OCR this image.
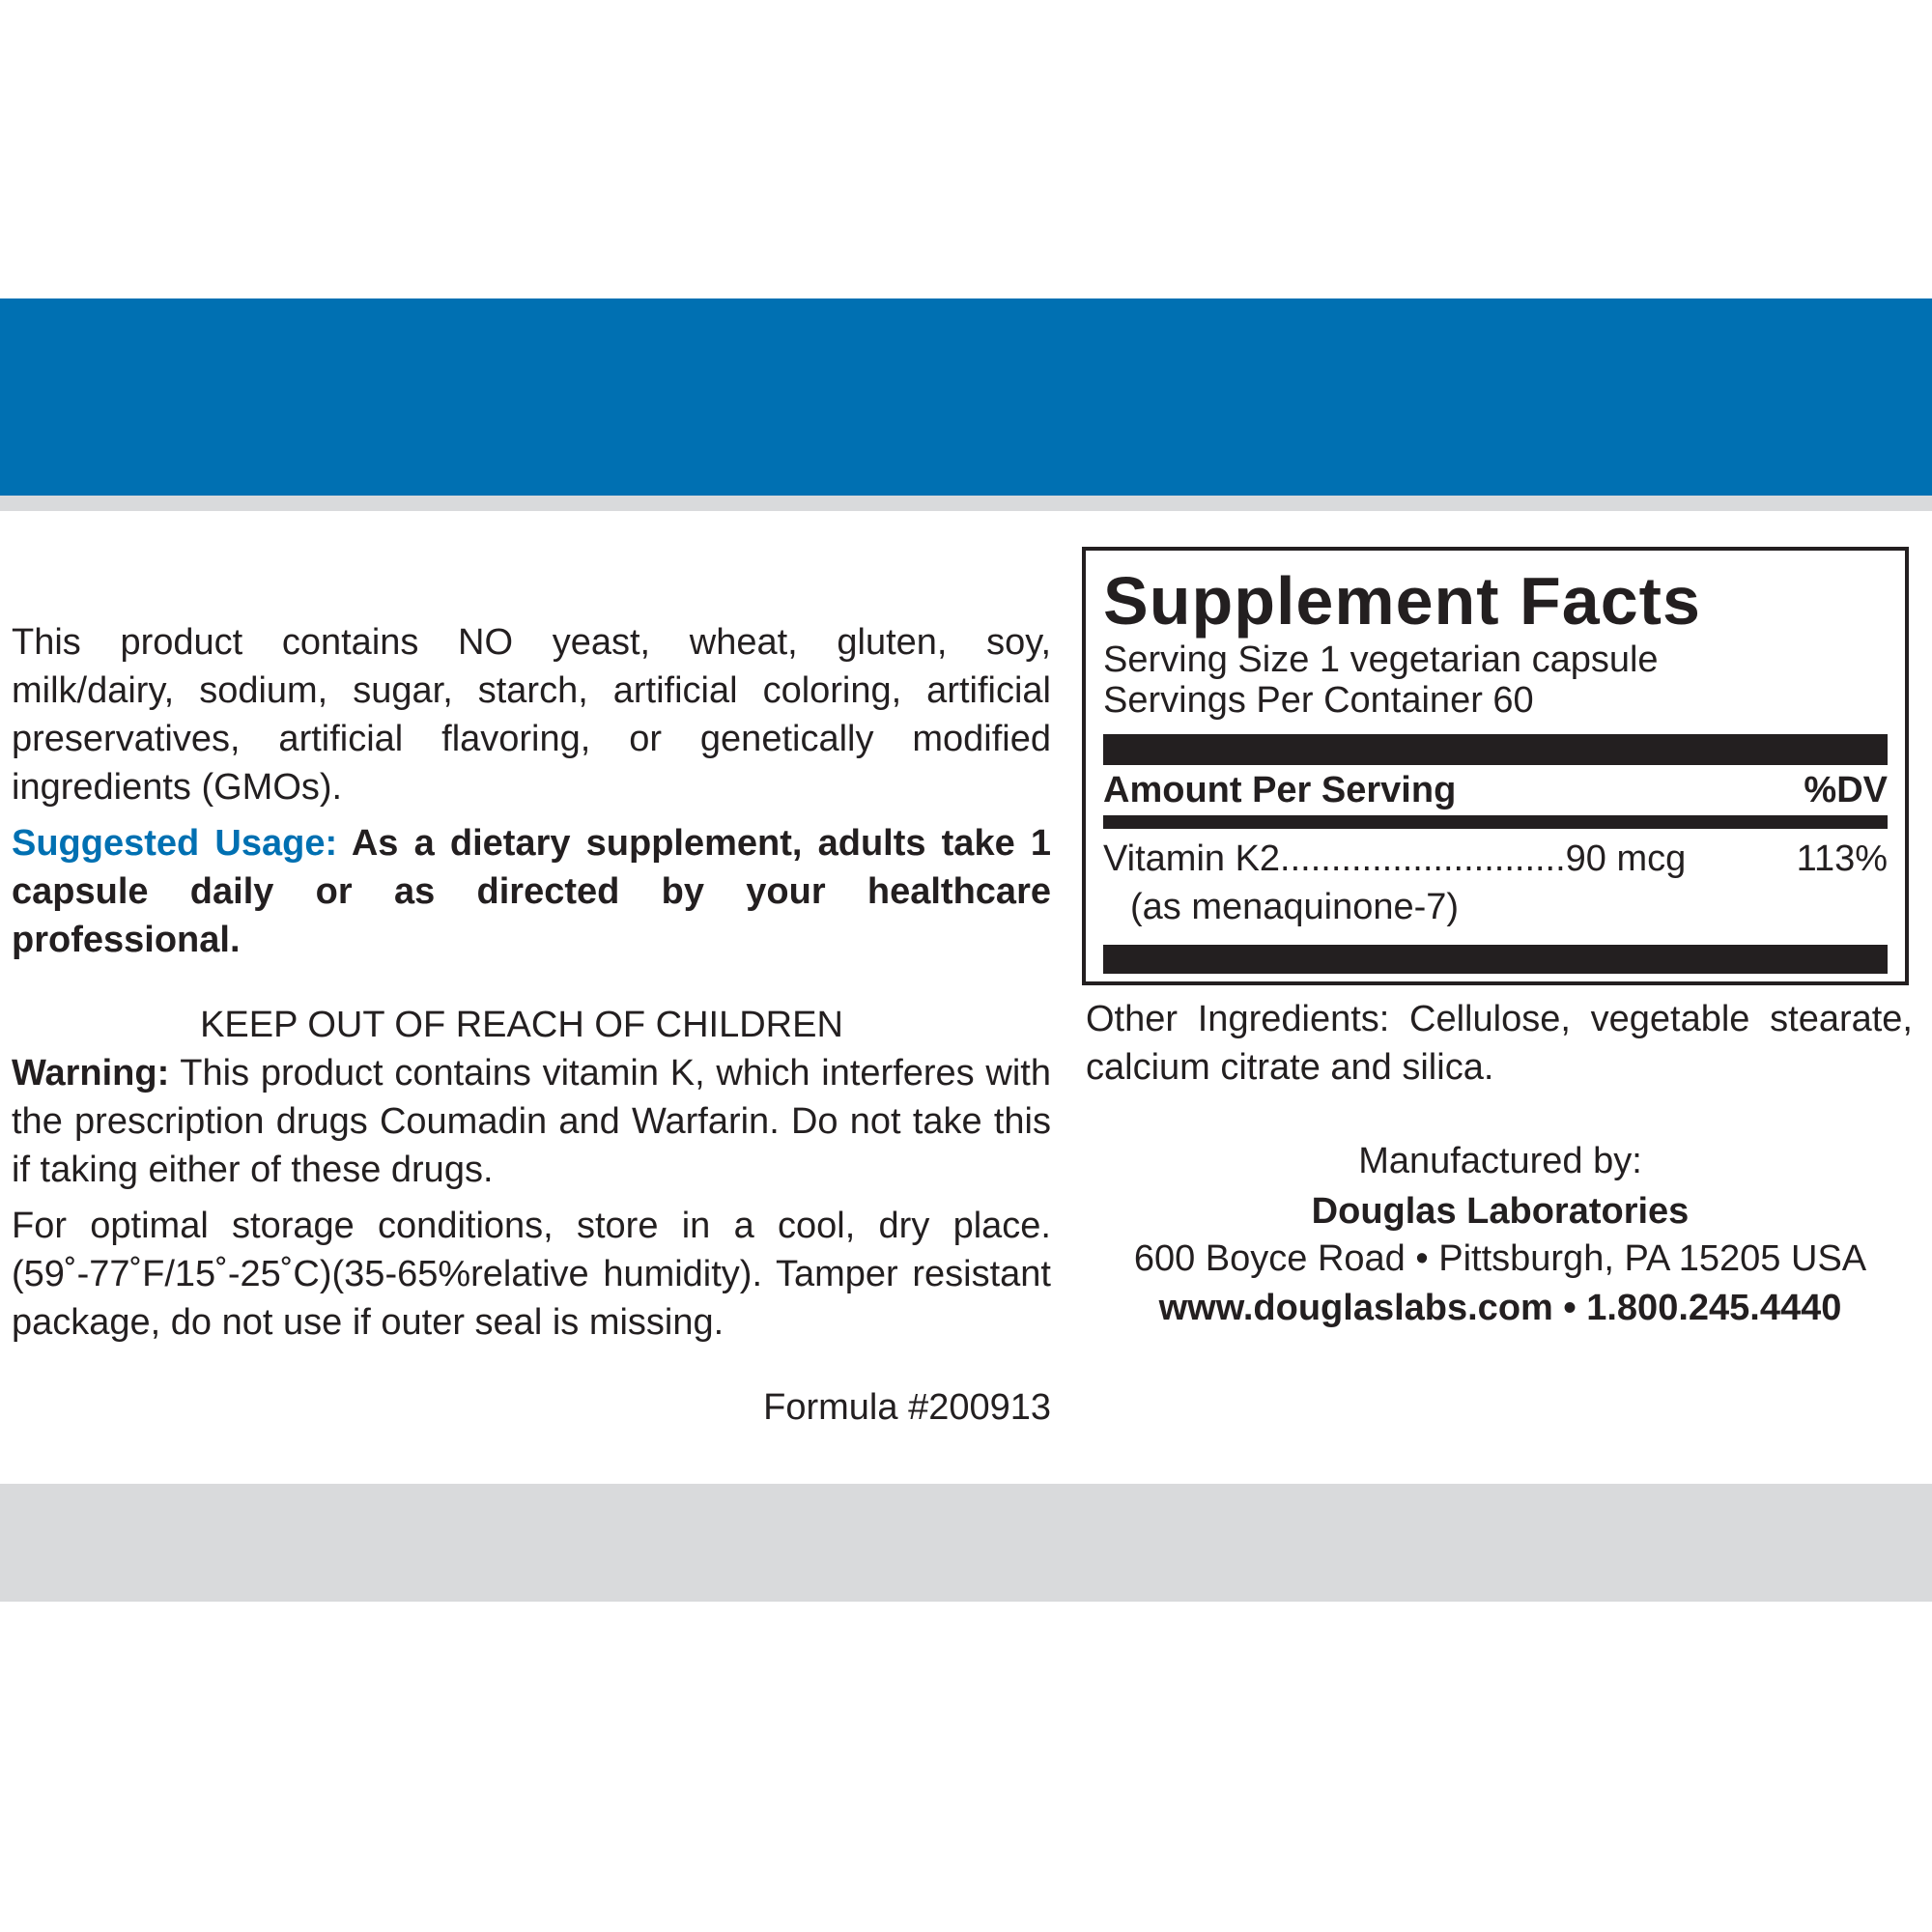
This product contains NO yeast, wheat, gluten, soy,

milk/dairy, sodium, sugar, starch, artificial coloring, artificial

preservatives, artificial flavoring, or genetically modified

ingredients (GMOs).

Suggested Usage: As a dietary supplement, adults take 1 capsule daily or as directed by your healthcare professional.

KEEP OUT OF REACH OF CHILDREN

Warning: This product contains vitamin K, which interferes with the prescription drugs Coumadin and Warfarin. Do not take this if taking either of these drugs.

For optimal storage conditions, store in a cool, dry place. (59˚-77˚F/15˚-25˚C)(35-65%relative humidity). Tamper resistant package, do not use if outer seal is missing.

Formula #200913
Supplement Facts
Serving Size 1 vegetarian capsule
Servings Per Container 60
Amount Per Serving	%DV
Vitamin K2............................90 mcg	113%
(as menaquinone-7)
Other Ingredients: Cellulose, vegetable stearate, calcium citrate and silica.
Manufactured by:
Douglas Laboratories
600 Boyce Road • Pittsburgh, PA 15205 USA
www.douglaslabs.com • 1.800.245.4440
